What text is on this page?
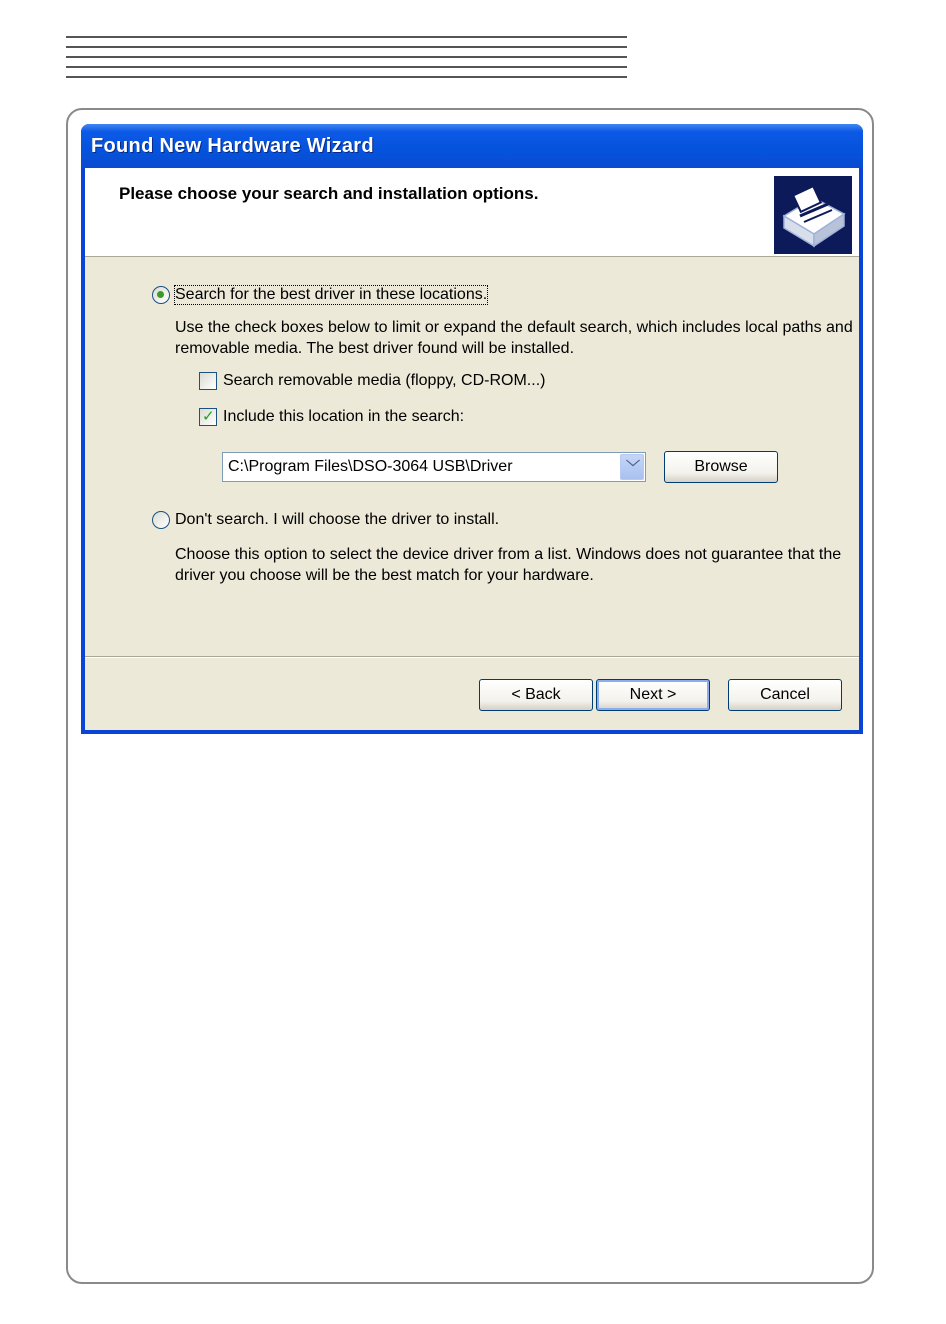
Found New Hardware Wizard
Please choose your search and installation options.
Search for the best driver in these locations.
Use the check boxes below to limit or expand the default search, which includes local paths and removable media. The best driver found will be installed.
Search removable media (floppy, CD-ROM...)
✓ Include this location in the search:
C:\Program Files\DSO-3064 USB\Driver	﹀	Browse
Don't search. I will choose the driver to install.
Choose this option to select the device driver from a list. Windows does not guarantee that the driver you choose will be the best match for your hardware.
< Back	Next >	Cancel
